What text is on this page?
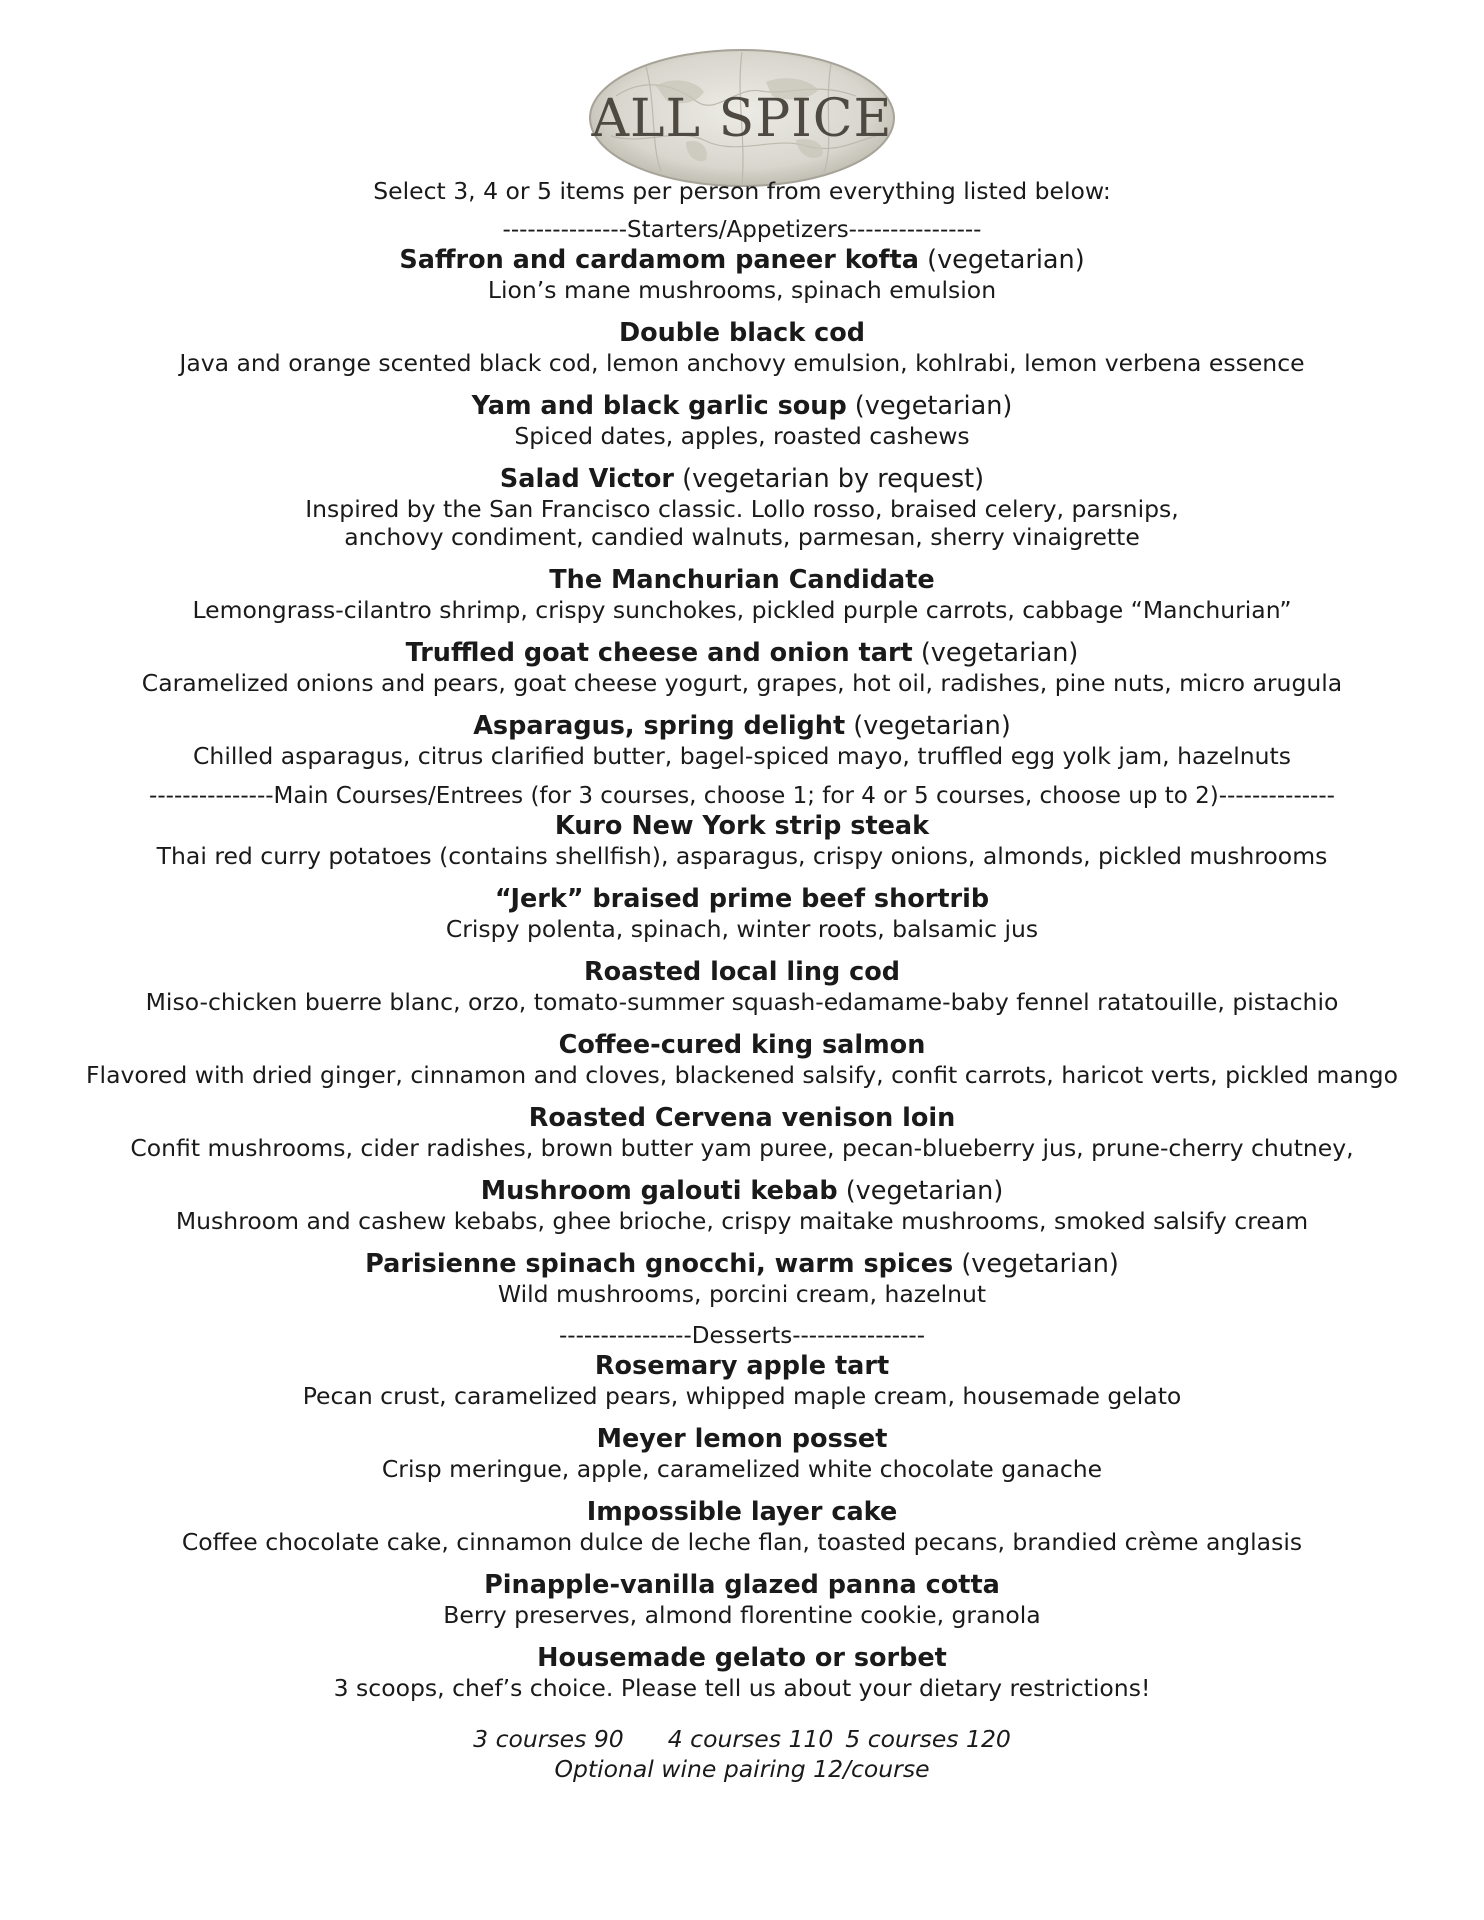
ALL SPICE

Select 3, 4 or 5 items per person from everything listed below:

---------------Starters/Appetizers----------------

Saffron and cardamom paneer kofta (vegetarian)

Lion’s mane mushrooms, spinach emulsion

Double black cod

Java and orange scented black cod, lemon anchovy emulsion, kohlrabi, lemon verbena essence

Yam and black garlic soup (vegetarian)

Spiced dates, apples, roasted cashews

Salad Victor (vegetarian by request)

Inspired by the San Francisco classic. Lollo rosso, braised celery, parsnips,
anchovy condiment, candied walnuts, parmesan, sherry vinaigrette

The Manchurian Candidate

Lemongrass-cilantro shrimp, crispy sunchokes, pickled purple carrots, cabbage “Manchurian”

Truffled goat cheese and onion tart (vegetarian)

Caramelized onions and pears, goat cheese yogurt, grapes, hot oil, radishes, pine nuts, micro arugula

Asparagus, spring delight (vegetarian)

Chilled asparagus, citrus clarified butter, bagel-spiced mayo, truffled egg yolk jam, hazelnuts

---------------Main Courses/Entrees (for 3 courses, choose 1; for 4 or 5 courses, choose up to 2)--------------

Kuro New York strip steak

Thai red curry potatoes (contains shellfish), asparagus, crispy onions, almonds, pickled mushrooms

“Jerk” braised prime beef shortrib

Crispy polenta, spinach, winter roots, balsamic jus

Roasted local ling cod

Miso-chicken buerre blanc, orzo, tomato-summer squash-edamame-baby fennel ratatouille, pistachio

Coffee-cured king salmon

Flavored with dried ginger, cinnamon and cloves, blackened salsify, confit carrots, haricot verts, pickled mango

Roasted Cervena venison loin

Confit mushrooms, cider radishes, brown butter yam puree, pecan-blueberry jus, prune-cherry chutney,

Mushroom galouti kebab (vegetarian)

Mushroom and cashew kebabs, ghee brioche, crispy maitake mushrooms, smoked salsify cream

Parisienne spinach gnocchi, warm spices (vegetarian)

Wild mushrooms, porcini cream, hazelnut

----------------Desserts----------------

Rosemary apple tart

Pecan crust, caramelized pears, whipped maple cream, housemade gelato

Meyer lemon posset

Crisp meringue, apple, caramelized white chocolate ganache

Impossible layer cake

Coffee chocolate cake, cinnamon dulce de leche flan, toasted pecans, brandied crème anglasis

Pinapple-vanilla glazed panna cotta

Berry preserves, almond florentine cookie, granola

Housemade gelato or sorbet

3 scoops, chef’s choice. Please tell us about your dietary restrictions!

3 courses 90 4 courses 110 5 courses 120
Optional wine pairing 12/course
